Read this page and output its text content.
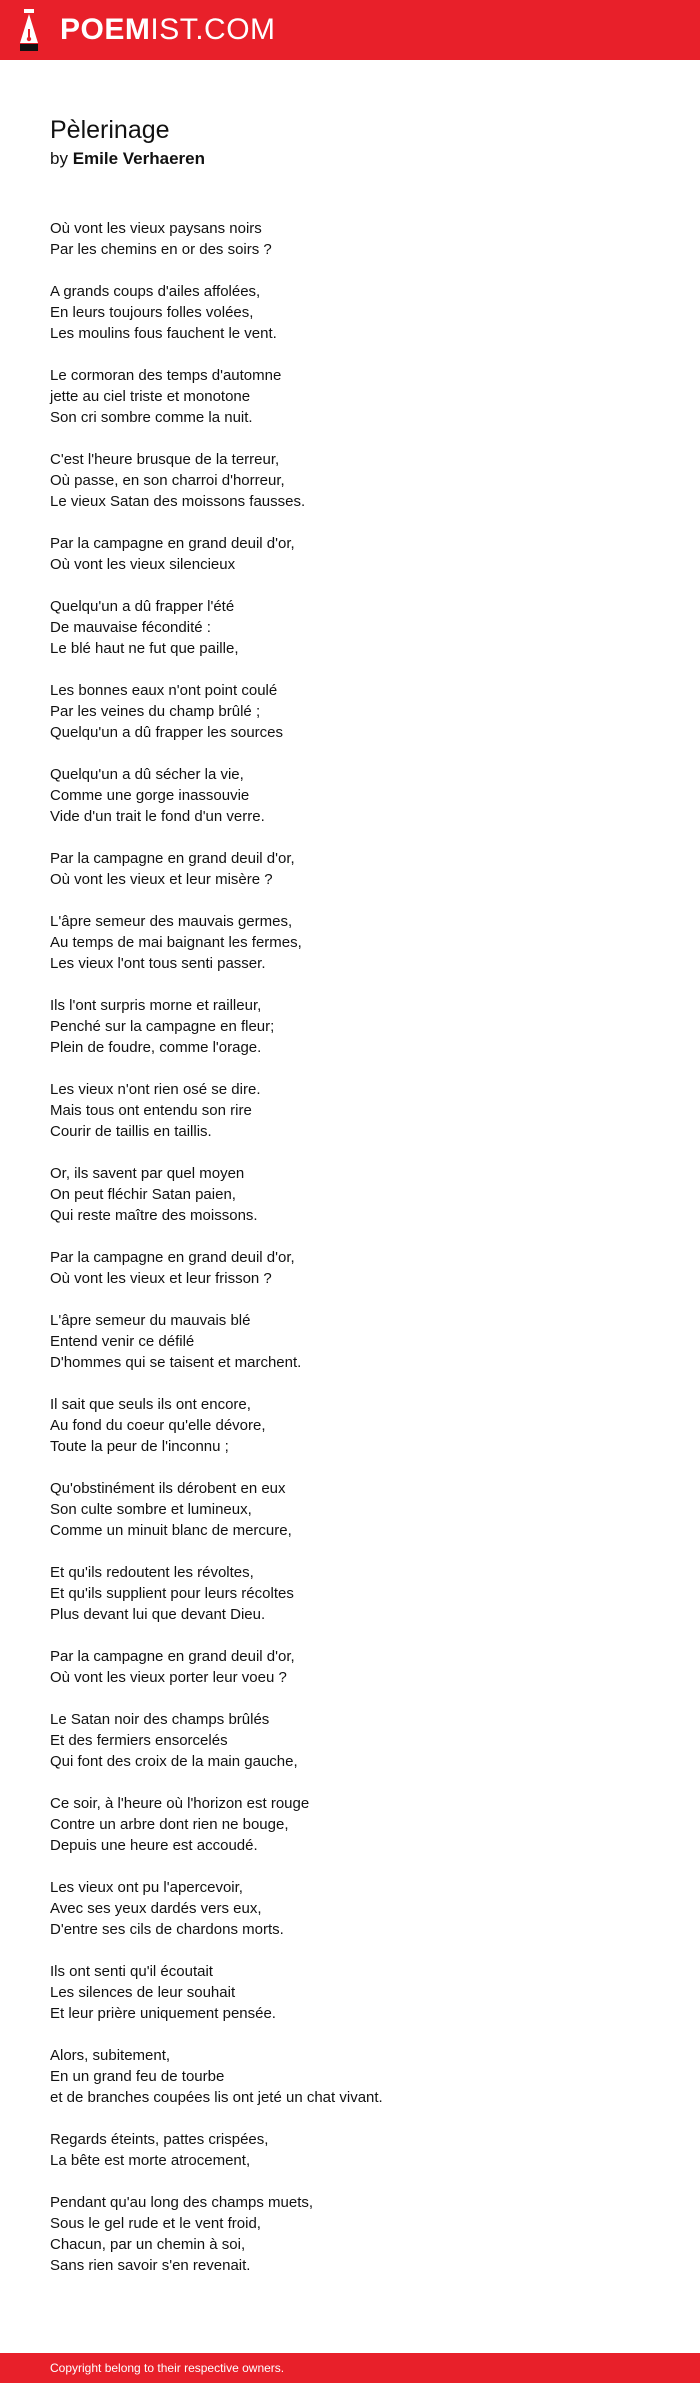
POEMIST.COM
Pèlerinage
by Emile Verhaeren
Où vont les vieux paysans noirs
Par les chemins en or des soirs ?
A grands coups d'ailes affolées,
En leurs toujours folles volées,
Les moulins fous fauchent le vent.
Le cormoran des temps d'automne
jette au ciel triste et monotone
Son cri sombre comme la nuit.
C'est l'heure brusque de la terreur,
Où passe, en son charroi d'horreur,
Le vieux Satan des moissons fausses.
Par la campagne en grand deuil d'or,
Où vont les vieux silencieux
Quelqu'un a dû frapper l'été
De mauvaise fécondité :
Le blé haut ne fut que paille,
Les bonnes eaux n'ont point coulé
Par les veines du champ brûlé ;
Quelqu'un a dû frapper les sources
Quelqu'un a dû sécher la vie,
Comme une gorge inassouvie
Vide d'un trait le fond d'un verre.
Par la campagne en grand deuil d'or,
Où vont les vieux et leur misère ?
L'âpre semeur des mauvais germes,
Au temps de mai baignant les fermes,
Les vieux l'ont tous senti passer.
Ils l'ont surpris morne et railleur,
Penché sur la campagne en fleur;
Plein de foudre, comme l'orage.
Les vieux n'ont rien osé se dire.
Mais tous ont entendu son rire
Courir de taillis en taillis.
Or, ils savent par quel moyen
On peut fléchir Satan paien,
Qui reste maître des moissons.
Par la campagne en grand deuil d'or,
Où vont les vieux et leur frisson ?
L'âpre semeur du mauvais blé
Entend venir ce défilé
D'hommes qui se taisent et marchent.
Il sait que seuls ils ont encore,
Au fond du coeur qu'elle dévore,
Toute la peur de l'inconnu ;
Qu'obstinément ils dérobent en eux
Son culte sombre et lumineux,
Comme un minuit blanc de mercure,
Et qu'ils redoutent les révoltes,
Et qu'ils supplient pour leurs récoltes
Plus devant lui que devant Dieu.
Par la campagne en grand deuil d'or,
Où vont les vieux porter leur voeu ?
Le Satan noir des champs brûlés
Et des fermiers ensorcelés
Qui font des croix de la main gauche,
Ce soir, à l'heure où l'horizon est rouge
Contre un arbre dont rien ne bouge,
Depuis une heure est accoudé.
Les vieux ont pu l'apercevoir,
Avec ses yeux dardés vers eux,
D'entre ses cils de chardons morts.
Ils ont senti qu'il écoutait
Les silences de leur souhait
Et leur prière uniquement pensée.
Alors, subitement,
En un grand feu de tourbe
et de branches coupées lis ont jeté un chat vivant.
Regards éteints, pattes crispées,
La bête est morte atrocement,
Pendant qu'au long des champs muets,
Sous le gel rude et le vent froid,
Chacun, par un chemin à soi,
Sans rien savoir s'en revenait.
Copyright belong to their respective owners.
